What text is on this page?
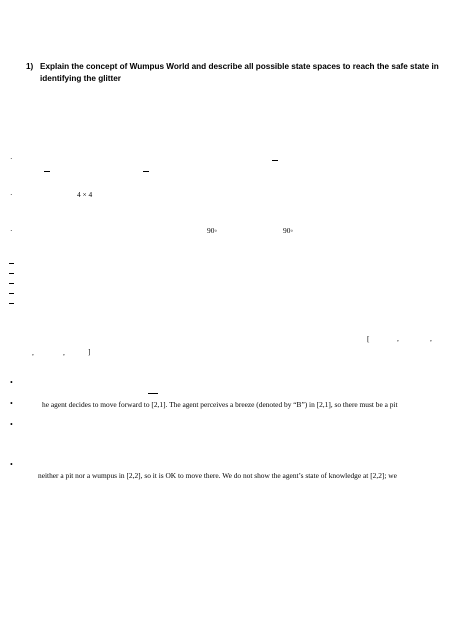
1) Explain the concept of Wumpus World and describe all possible state spaces to reach the safe state in identifying the glitter
·
·	4 × 4
·	90◦	90◦
[	,	,
,	,	]
•
•	he agent decides to move forward to [2,1]. The agent perceives a breeze (denoted by “B”) in [2,1], so there must be a pit
•
•
neither a pit nor a wumpus in [2,2], so it is OK to move there. We do not show the agent’s state of knowledge at [2,2]; we
